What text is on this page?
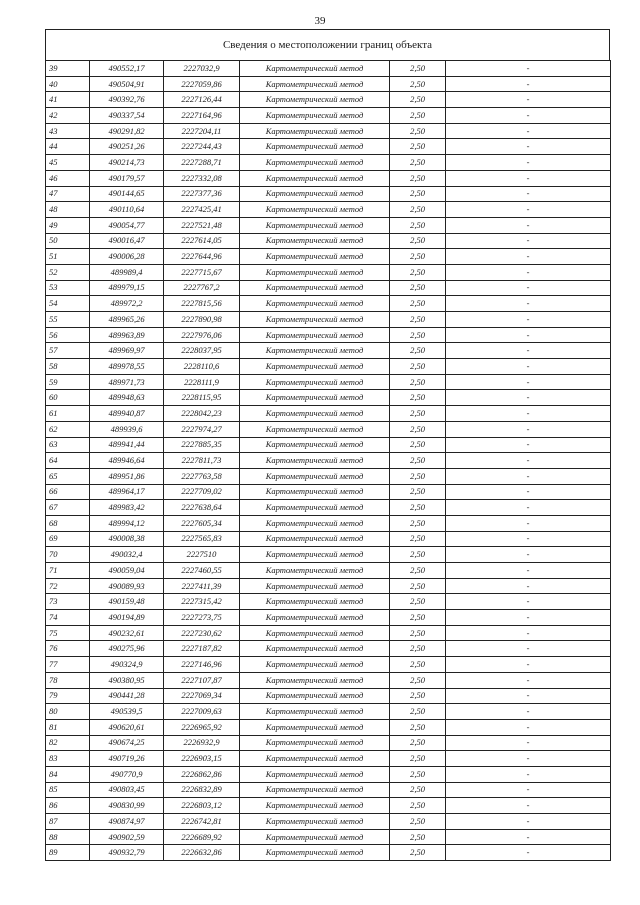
39
Сведения о местоположении границ объекта
39	490552,17	2227032,9	Картометрический метод	2,50	-
40	490504,91	2227059,86	Картометрический метод	2,50	-
41	490392,76	2227126,44	Картометрический метод	2,50	-
42	490337,54	2227164,96	Картометрический метод	2,50	-
43	490291,82	2227204,11	Картометрический метод	2,50	-
44	490251,26	2227244,43	Картометрический метод	2,50	-
45	490214,73	2227288,71	Картометрический метод	2,50	-
46	490179,57	2227332,08	Картометрический метод	2,50	-
47	490144,65	2227377,36	Картометрический метод	2,50	-
48	490110,64	2227425,41	Картометрический метод	2,50	-
49	490054,77	2227521,48	Картометрический метод	2,50	-
50	490016,47	2227614,05	Картометрический метод	2,50	-
51	490006,28	2227644,96	Картометрический метод	2,50	-
52	489989,4	2227715,67	Картометрический метод	2,50	-
53	489979,15	2227767,2	Картометрический метод	2,50	-
54	489972,2	2227815,56	Картометрический метод	2,50	-
55	489965,26	2227890,98	Картометрический метод	2,50	-
56	489963,89	2227976,06	Картометрический метод	2,50	-
57	489969,97	2228037,95	Картометрический метод	2,50	-
58	489978,55	2228110,6	Картометрический метод	2,50	-
59	489971,73	2228111,9	Картометрический метод	2,50	-
60	489948,63	2228115,95	Картометрический метод	2,50	-
61	489940,87	2228042,23	Картометрический метод	2,50	-
62	489939,6	2227974,27	Картометрический метод	2,50	-
63	489941,44	2227885,35	Картометрический метод	2,50	-
64	489946,64	2227811,73	Картометрический метод	2,50	-
65	489951,86	2227763,58	Картометрический метод	2,50	-
66	489964,17	2227709,02	Картометрический метод	2,50	-
67	489983,42	2227638,64	Картометрический метод	2,50	-
68	489994,12	2227605,34	Картометрический метод	2,50	-
69	490008,38	2227565,83	Картометрический метод	2,50	-
70	490032,4	2227510	Картометрический метод	2,50	-
71	490059,04	2227460,55	Картометрический метод	2,50	-
72	490089,93	2227411,39	Картометрический метод	2,50	-
73	490159,48	2227315,42	Картометрический метод	2,50	-
74	490194,89	2227273,75	Картометрический метод	2,50	-
75	490232,61	2227230,62	Картометрический метод	2,50	-
76	490275,96	2227187,82	Картометрический метод	2,50	-
77	490324,9	2227146,96	Картометрический метод	2,50	-
78	490380,95	2227107,87	Картометрический метод	2,50	-
79	490441,28	2227069,34	Картометрический метод	2,50	-
80	490539,5	2227009,63	Картометрический метод	2,50	-
81	490620,61	2226965,92	Картометрический метод	2,50	-
82	490674,25	2226932,9	Картометрический метод	2,50	-
83	490719,26	2226903,15	Картометрический метод	2,50	-
84	490770,9	2226862,86	Картометрический метод	2,50	-
85	490803,45	2226832,89	Картометрический метод	2,50	-
86	490830,99	2226803,12	Картометрический метод	2,50	-
87	490874,97	2226742,81	Картометрический метод	2,50	-
88	490902,59	2226689,92	Картометрический метод	2,50	-
89	490932,79	2226632,86	Картометрический метод	2,50	-
